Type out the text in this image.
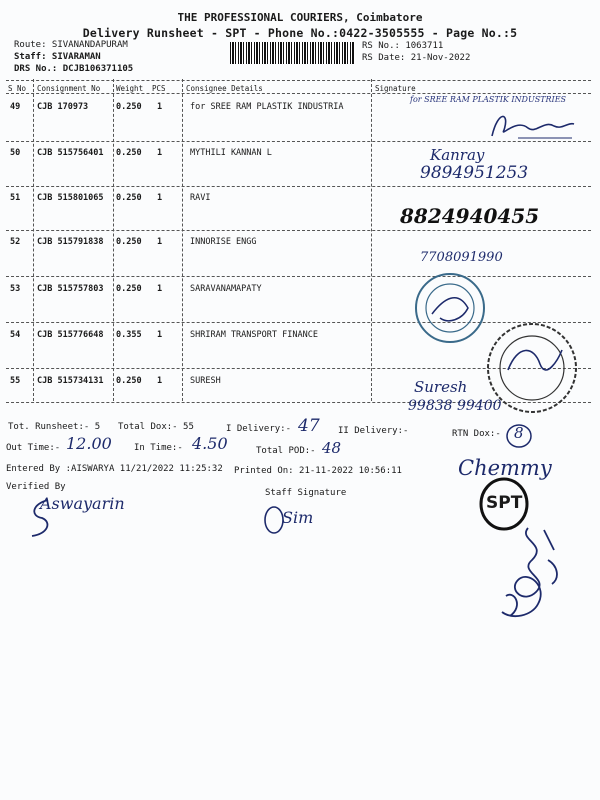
THE PROFESSIONAL COURIERS, Coimbatore
Delivery Runsheet - SPT - Phone No.:0422-3505555 - Page No.:5
Route: SIVANANDAPURAM
Staff: SIVARAMAN
DRS No.: DCJB106371105
RS No.: 1063711
RS Date: 21-Nov-2022
S No Consignment No Weight PCS	Consignee Details	Signature
49 CJB 170973	0.250 1	for SREE RAM PLASTIK INDUSTRIA
50 CJB 515756401 0.250 1	MYTHILI KANNAN L
51 CJB 515801065 0.250 1	RAVI
52 CJB 515791838 0.250 1	INNORISE ENGG
53 CJB 515757803 0.250 1	SARAVANAMAPATY
54 CJB 515776648 0.355 1	SHRIRAM TRANSPORT FINANCE
55 CJB 515734131 0.250 1	SURESH
for SREE RAM PLASTIK INDUSTRIES
Kanray
9894951253
8824940455
7708091990
Suresh
99838 99400
Tot. Runsheet:- 5 Total Dox:- 55	I Delivery:- 47 II Delivery:-	RTN Dox:- 8
Out Time:- 12.00 In Time:- 4.50	Total POD:- 48
Entered By :AISWARYA 11/21/2022 11:25:32 Printed On: 21-11-2022 10:56:11	Chemmy
Verified By
Staff Signature
Aswayarin
Sim
SPT
